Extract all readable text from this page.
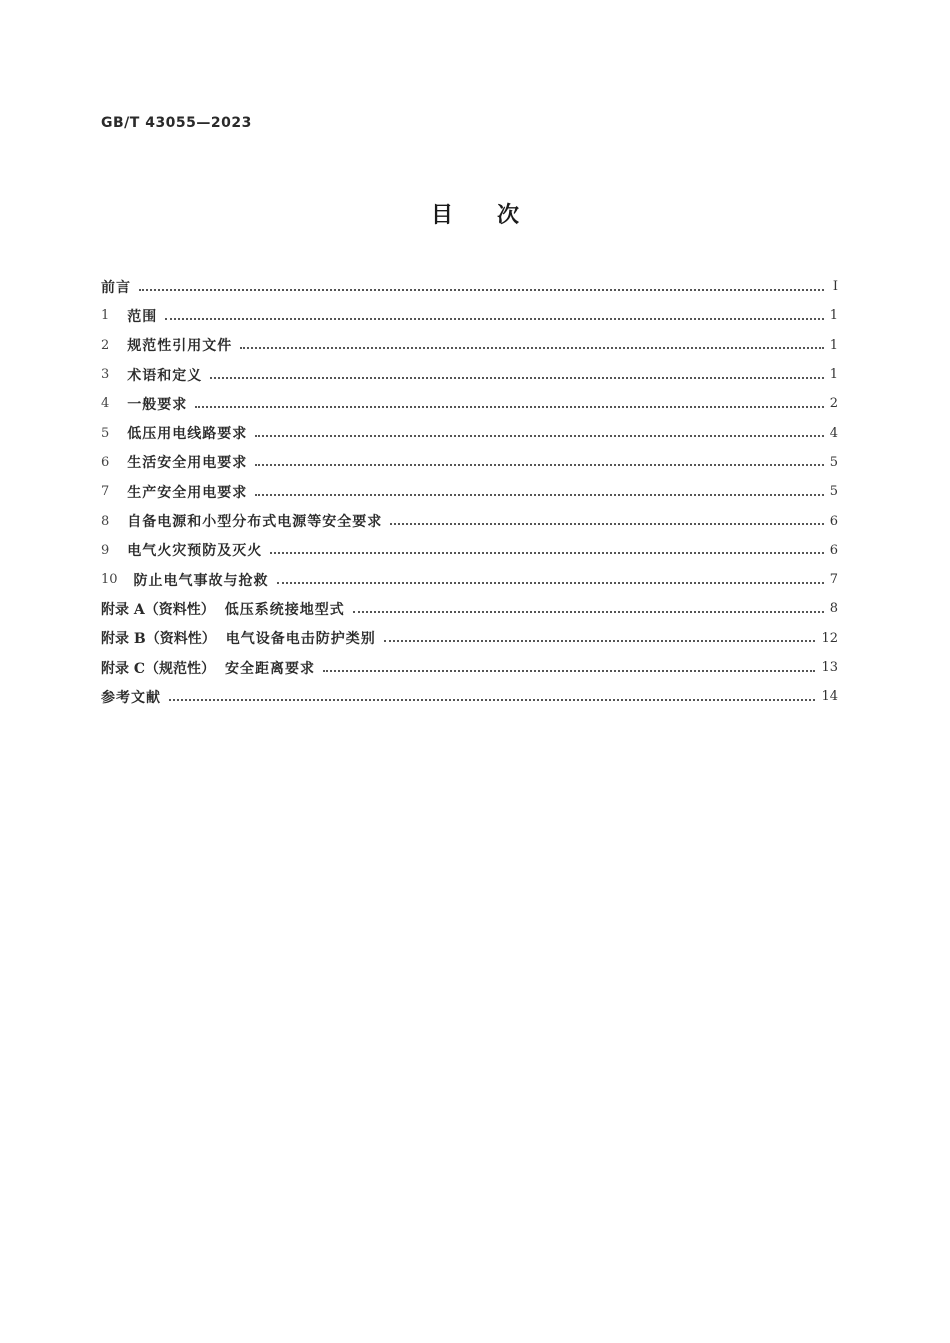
GB/T 43055—2023
目次
前言	Ⅰ
1 范围	1
2 规范性引用文件	1
3 术语和定义	1
4 一般要求	2
5 低压用电线路要求	4
6 生活安全用电要求	5
7 生产安全用电要求	5
8 自备电源和小型分布式电源等安全要求	6
9 电气火灾预防及灭火	6
10 防止电气事故与抢救	7
附录 A（资料性） 低压系统接地型式	8
附录 B（资料性） 电气设备电击防护类别	12
附录 C（规范性） 安全距离要求	13
参考文献	14
